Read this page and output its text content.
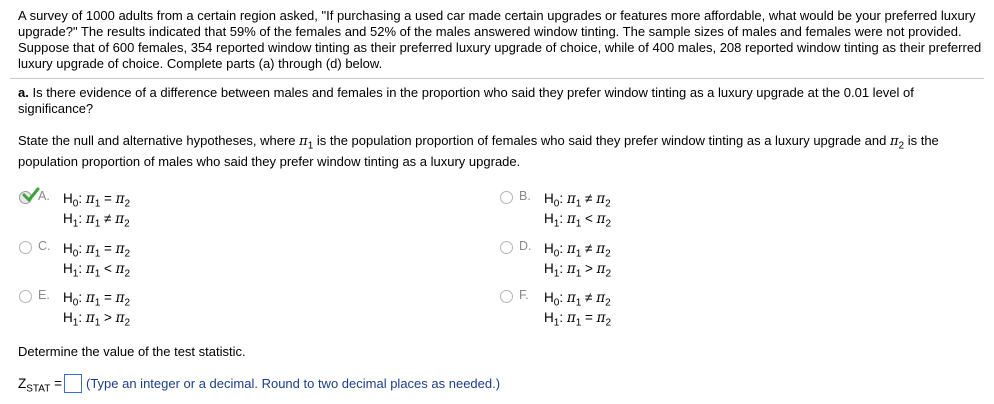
A survey of 1000 adults from a certain region asked, "If purchasing a used car made certain upgrades or features more affordable, what would be your preferred luxury upgrade?" The results indicated that 59% of the females and 52% of the males answered window tinting. The sample sizes of males and females were not provided. Suppose that of 600 females, 354 reported window tinting as their preferred luxury upgrade of choice, while of 400 males, 208 reported window tinting as their preferred luxury upgrade of choice. Complete parts (a) through (d) below.

a. Is there evidence of a difference between males and females in the proportion who said they prefer window tinting as a luxury upgrade at the 0.01 level of significance?

State the null and alternative hypotheses, where $\pi_1$ is the population proportion of females who said they prefer window tinting as a luxury upgrade and $\pi_2$ is the population proportion of males who said they prefer window tinting as a luxury upgrade.

A. $H_0$: $\pi_1 = \pi_2$
$H_1$: $\pi_1 \ne \pi_2$
B. $H_0$: $\pi_1 \ne \pi_2$
$H_1$: $\pi_1 < \pi_2$
C. $H_0$: $\pi_1 = \pi_2$
$H_1$: $\pi_1 < \pi_2$
D. $H_0$: $\pi_1 \ne \pi_2$
$H_1$: $\pi_1 > \pi_2$
E. $H_0$: $\pi_1 = \pi_2$
$H_1$: $\pi_1 > \pi_2$
F. $H_0$: $\pi_1 \ne \pi_2$
$H_1$: $\pi_1 = \pi_2$

Determine the value of the test statistic.

$Z_{STAT}$ = (Type an integer or a decimal. Round to two decimal places as needed.)
